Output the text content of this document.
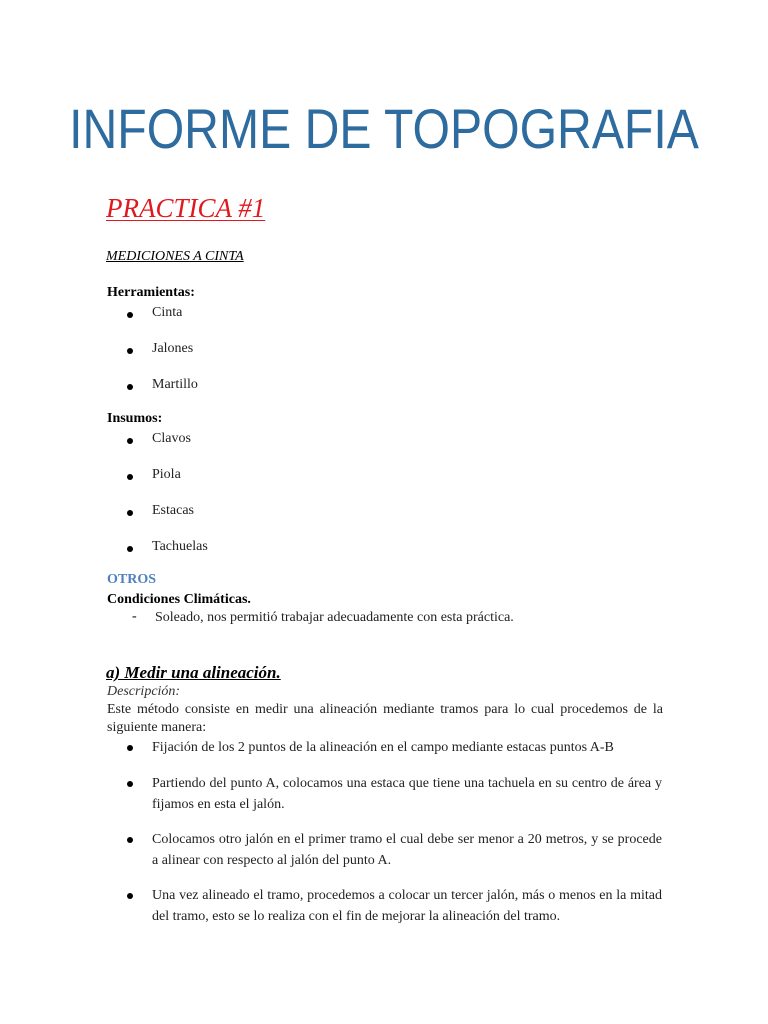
INFORME DE TOPOGRAFIA
PRACTICA #1

MEDICIONES A CINTA

Herramientas:

Cinta
Jalones
Martillo

Insumos:

Clavos
Piola
Estacas
Tachuelas

OTROS

Condiciones Climáticas.

- Soleado, nos permitió trabajar adecuadamente con esta práctica.
a) Medir una alineación.

Descripción:

Este método consiste en medir una alineación mediante tramos para lo cual procedemos de la siguiente manera:

Fijación de los 2 puntos de la alineación en el campo mediante estacas puntos A-B
Partiendo del punto A, colocamos una estaca que tiene una tachuela en su centro de área y fijamos en esta el jalón.
Colocamos otro jalón en el primer tramo el cual debe ser menor a 20 metros, y se procede a alinear con respecto al jalón del punto A.
Una vez alineado el tramo, procedemos a colocar un tercer jalón, más o menos en la mitad del tramo, esto se lo realiza con el fin de mejorar la alineación del tramo.
